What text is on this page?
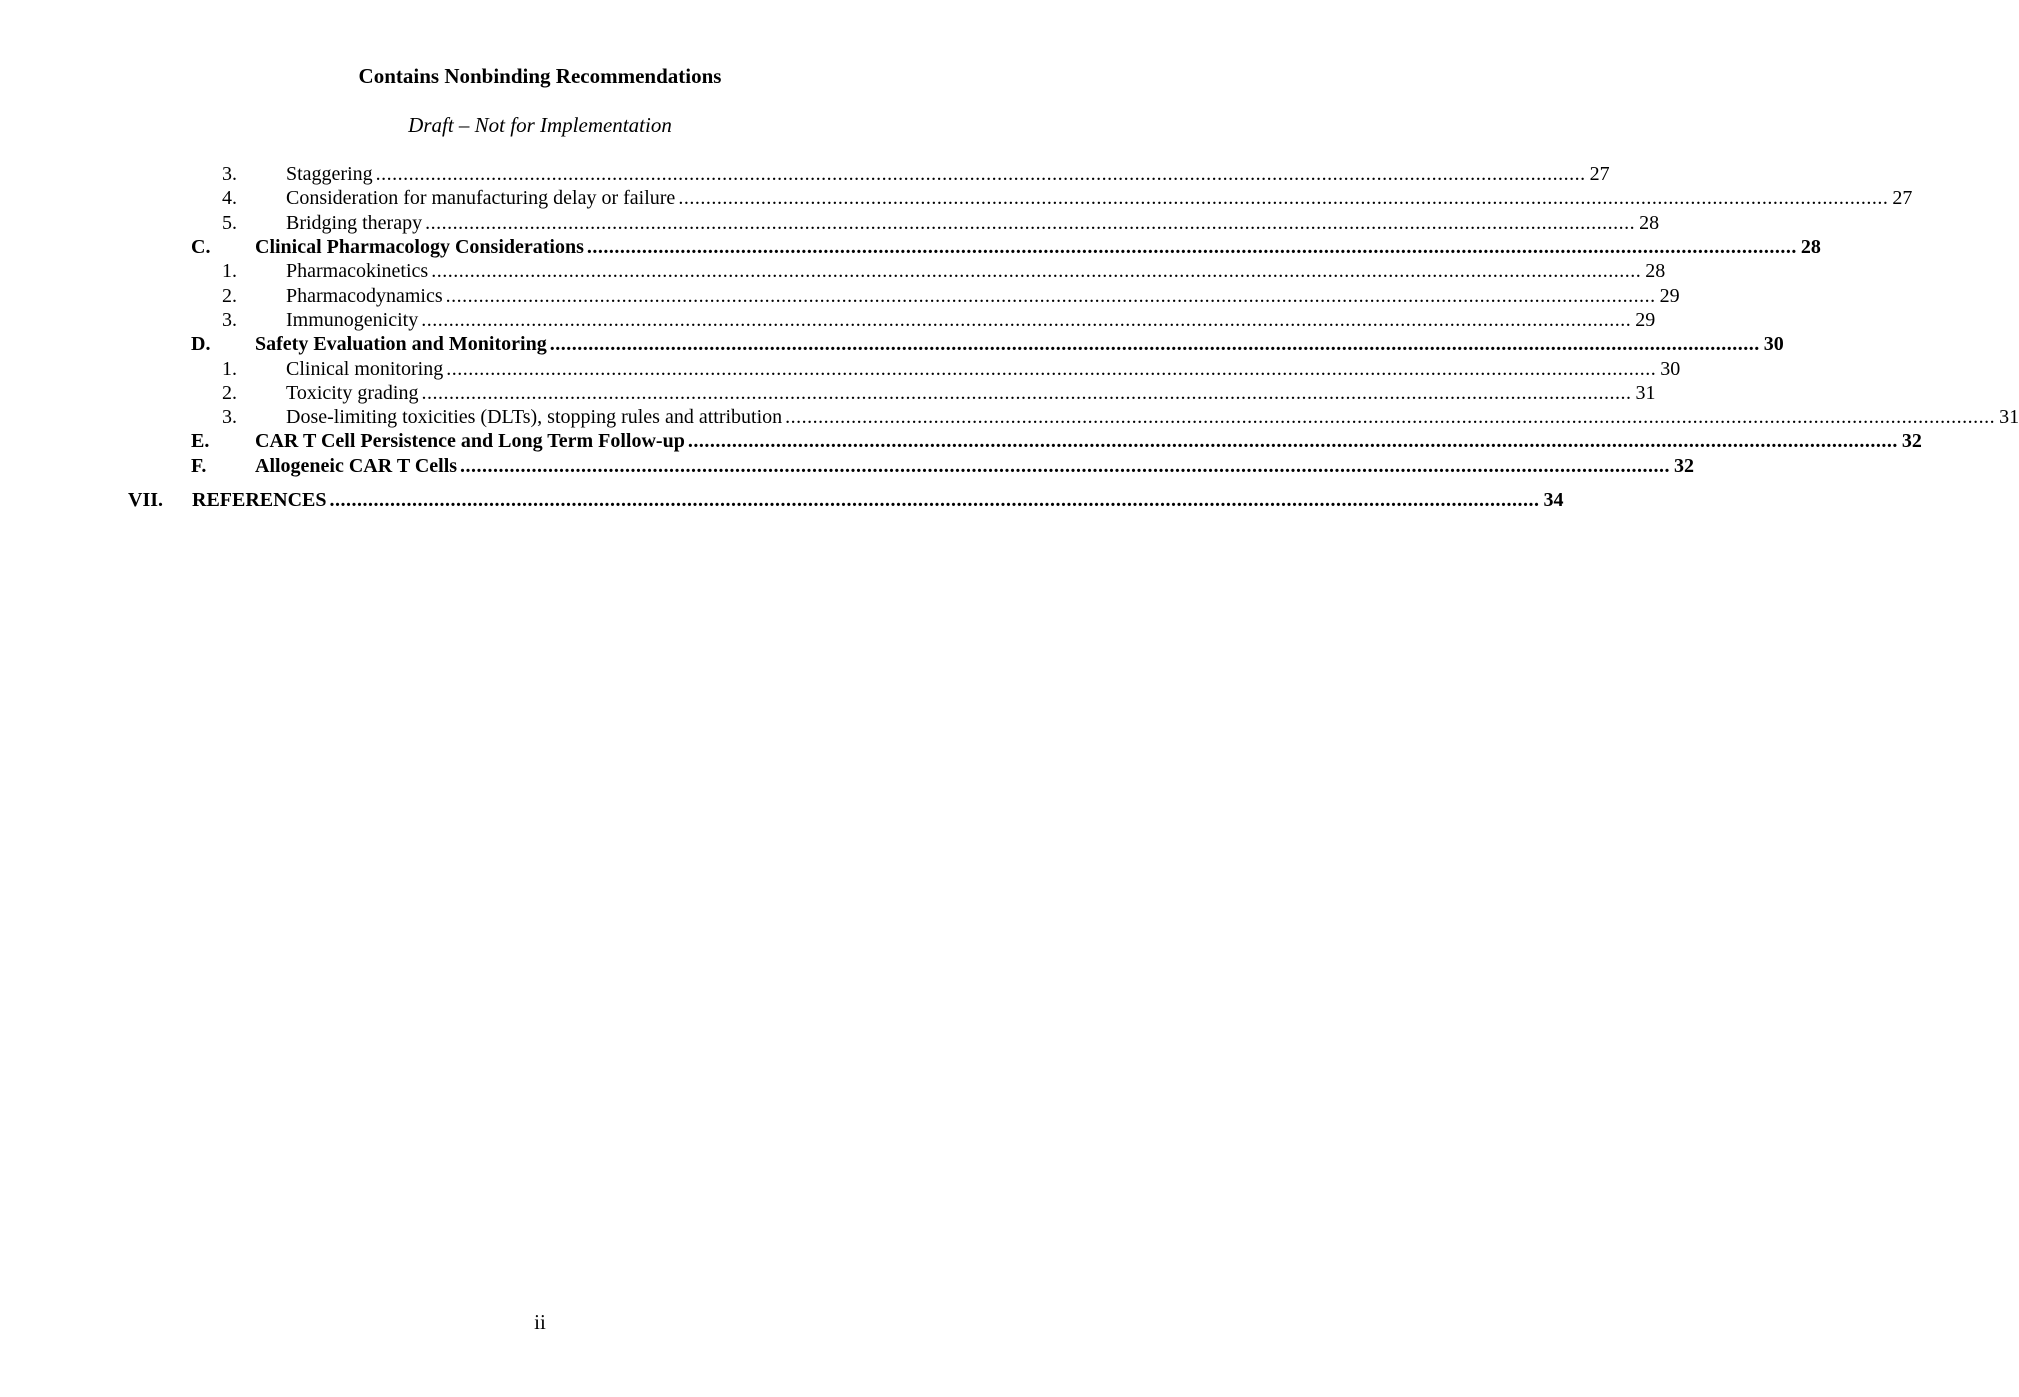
Contains Nonbinding Recommendations
Draft – Not for Implementation
3. Staggering ............................................................................................................................................................................................................................ 27
4. Consideration for manufacturing delay or failure ............................................................................................................................................................................................................................ 27
5. Bridging therapy ............................................................................................................................................................................................................................ 28
C. Clinical Pharmacology Considerations ............................................................................................................................................................................................................................ 28
1. Pharmacokinetics ............................................................................................................................................................................................................................ 28
2. Pharmacodynamics ............................................................................................................................................................................................................................ 29
3. Immunogenicity ............................................................................................................................................................................................................................ 29
D. Safety Evaluation and Monitoring ............................................................................................................................................................................................................................ 30
1. Clinical monitoring ............................................................................................................................................................................................................................ 30
2. Toxicity grading ............................................................................................................................................................................................................................ 31
3. Dose-limiting toxicities (DLTs), stopping rules and attribution ............................................................................................................................................................................................................................ 31
E. CAR T Cell Persistence and Long Term Follow-up ............................................................................................................................................................................................................................ 32
F. Allogeneic CAR T Cells ............................................................................................................................................................................................................................ 32
VII. REFERENCES ............................................................................................................................................................................................................................ 34
ii
